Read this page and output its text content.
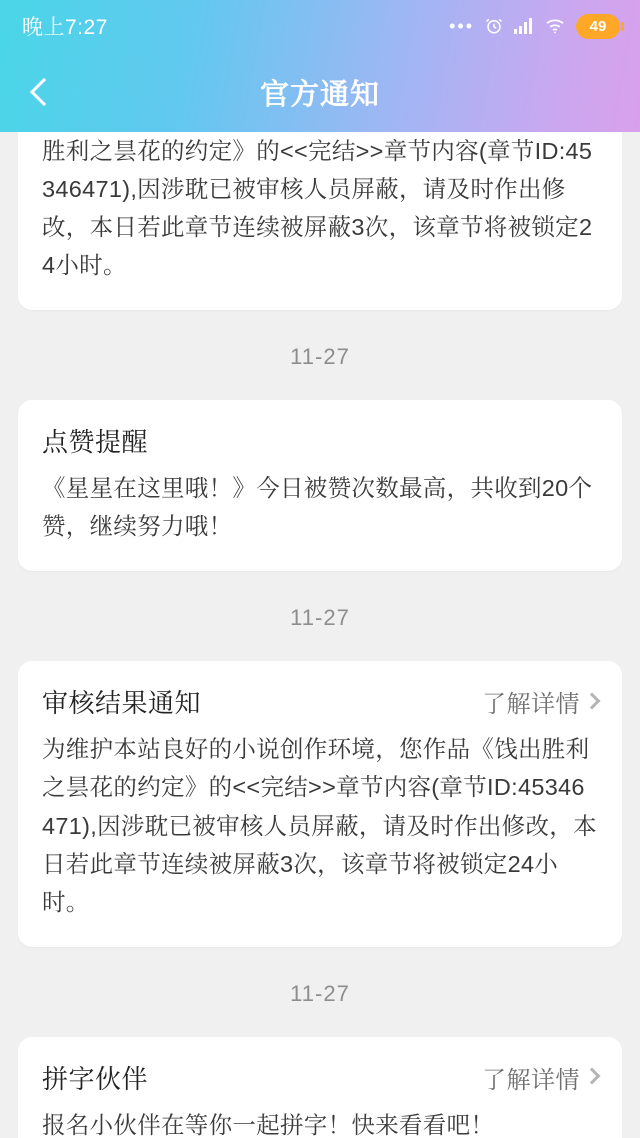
晚上7:27	•••	49
官方通知
胜利之昙花的约定》的<<完结>>章节内容(章节ID:45346471),因涉耽已被审核人员屏蔽，请及时作出修改，本日若此章节连续被屏蔽3次，该章节将被锁定24小时。
11-27
点赞提醒
《星星在这里哦！》今日被赞次数最高，共收到20个赞，继续努力哦！
11-27
审核结果通知	了解详情
为维护本站良好的小说创作环境，您作品《饯出胜利之昙花的约定》的<<完结>>章节内容(章节ID:45346471),因涉耽已被审核人员屏蔽，请及时作出修改，本日若此章节连续被屏蔽3次，该章节将被锁定24小时。
11-27
拼字伙伴	了解详情
报名小伙伴在等你一起拼字！快来看看吧！
